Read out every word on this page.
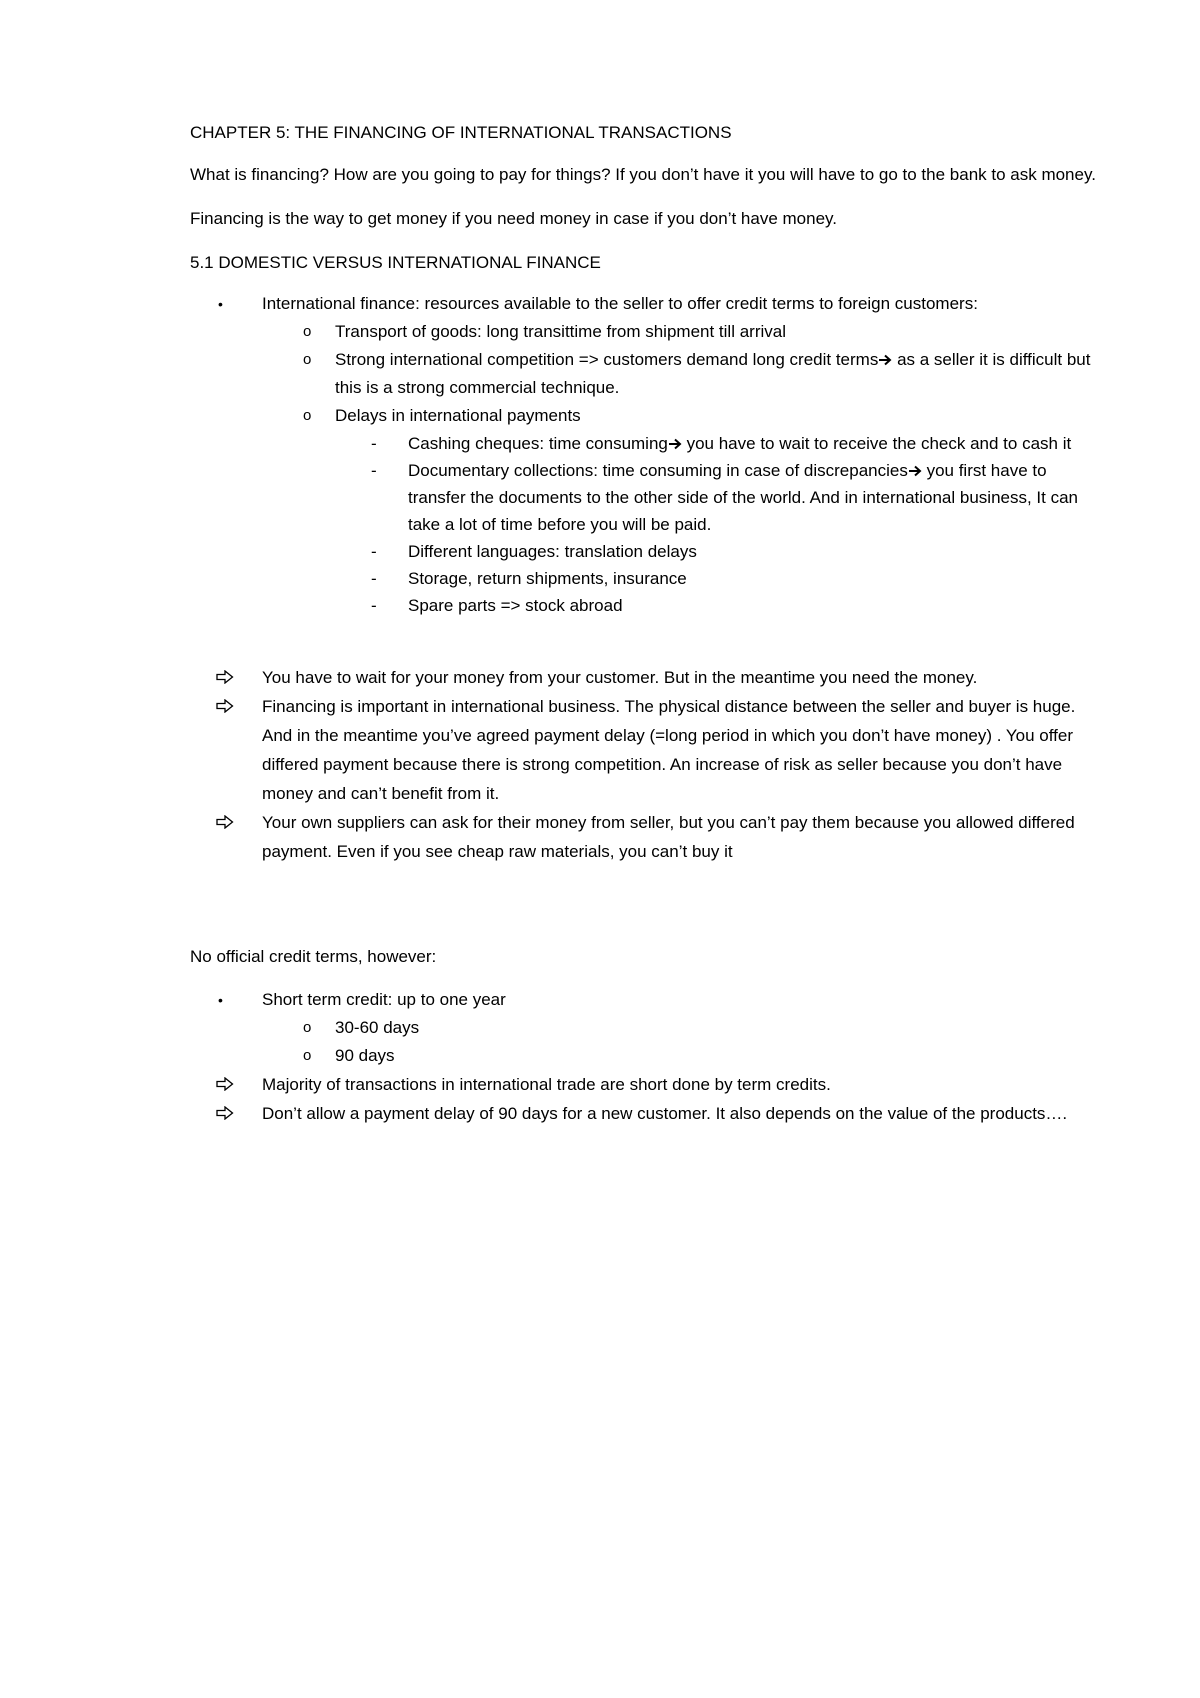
CHAPTER 5: THE FINANCING OF INTERNATIONAL TRANSACTIONS

What is financing? How are you going to pay for things? If you don’t have it you will have to go to the bank to ask money.

Financing is the way to get money if you need money in case if you don’t have money.

5.1 DOMESTIC VERSUS INTERNATIONAL FINANCE

•	International finance: resources available to the seller to offer credit terms to foreign customers:
o	Transport of goods: long transittime from shipment till arrival
o	Strong international competition => customers demand long credit terms as a seller it is difficult but this is a strong commercial technique.
o	Delays in international payments
-	Cashing cheques: time consuming you have to wait to receive the check and to cash it
-	Documentary collections: time consuming in case of discrepancies you first have to transfer the documents to the other side of the world. And in international business, It can take a lot of time before you will be paid.
-	Different languages: translation delays
-	Storage, return shipments, insurance
-	Spare parts => stock abroad
You have to wait for your money from your customer. But in the meantime you need the money.
Financing is important in international business. The physical distance between the seller and buyer is huge. And in the meantime you’ve agreed payment delay (=long period in which you don’t have money) . You offer differed payment because there is strong competition. An increase of risk as seller because you don’t have money and can’t benefit from it.
Your own suppliers can ask for their money from seller, but you can’t pay them because you allowed differed payment. Even if you see cheap raw materials, you can’t buy it

No official credit terms, however:

•	Short term credit: up to one year
o	30-60 days
o	90 days
Majority of transactions in international trade are short done by term credits.
Don’t allow a payment delay of 90 days for a new customer. It also depends on the value of the products….
